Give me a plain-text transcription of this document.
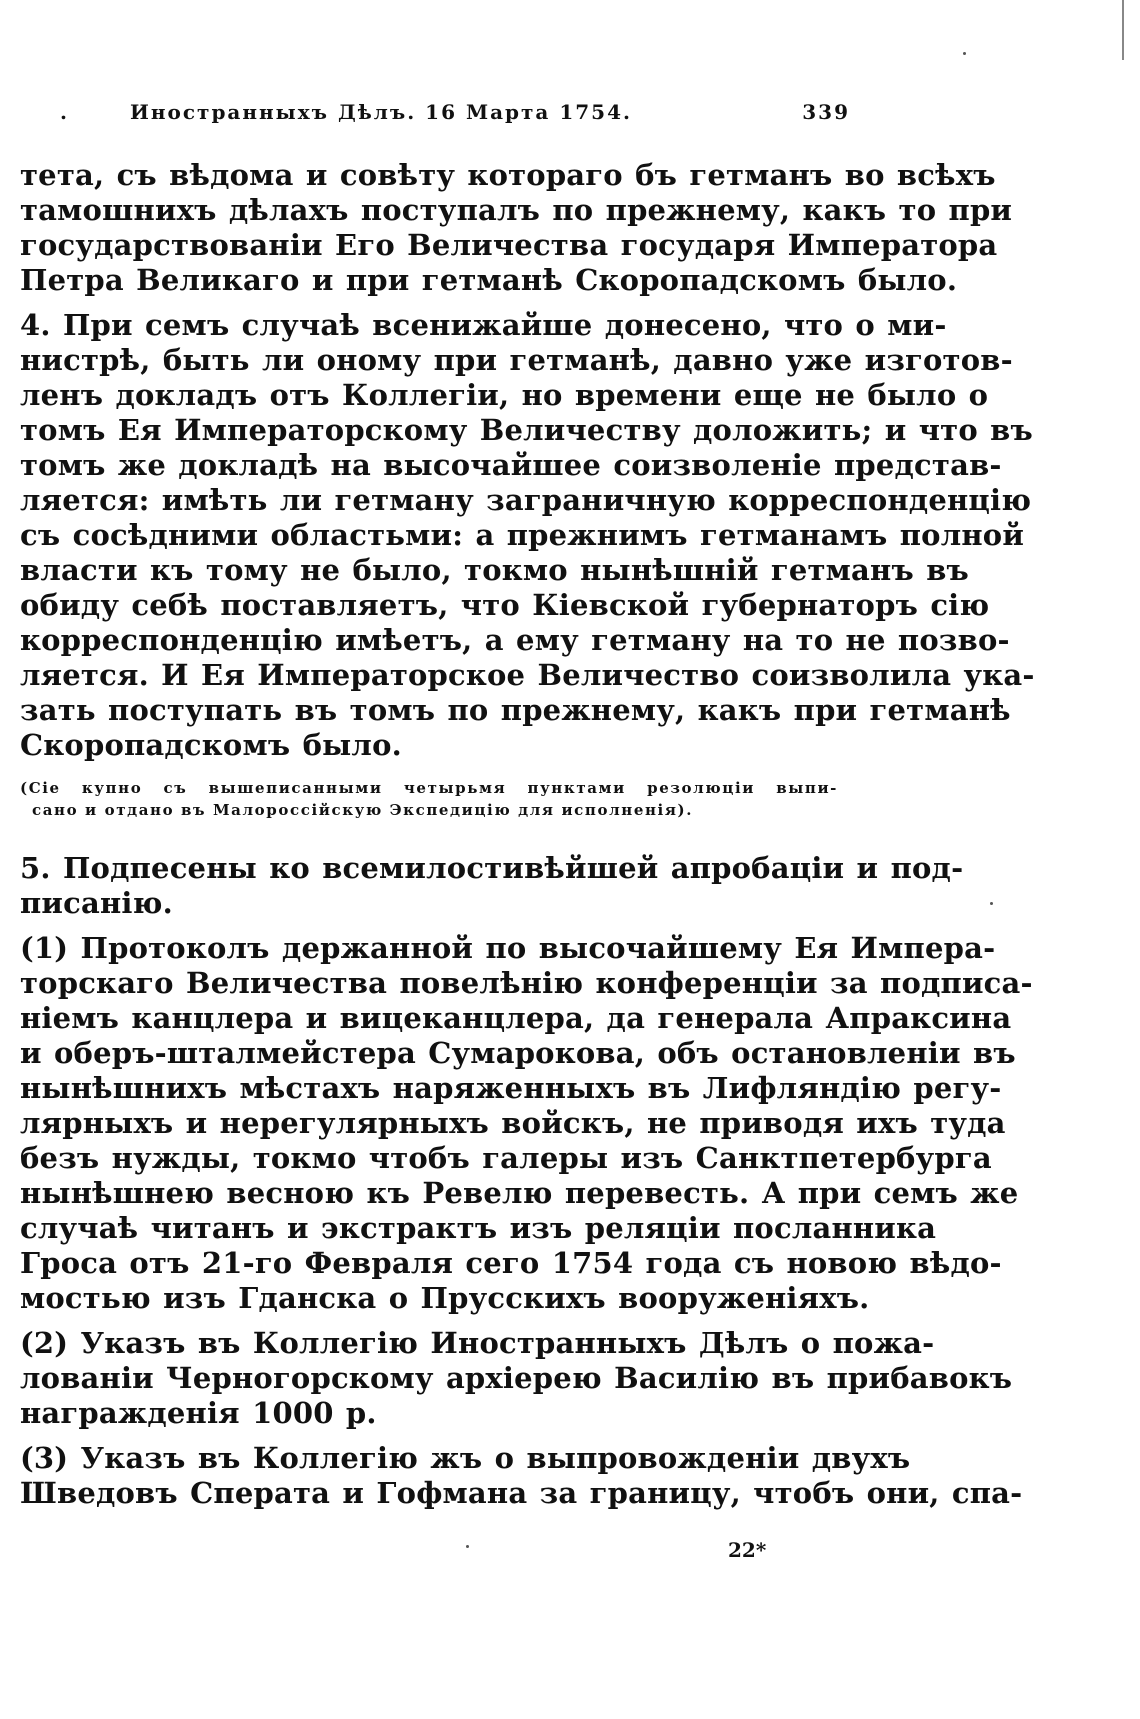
.	Иностранныхъ Дѣлъ. 16 Марта 1754.	339

тета, съ вѣдома и совѣту котораго бъ гетманъ во всѣхъ
тамошнихъ дѣлахъ поступалъ по прежнему, какъ то при
государствованіи Его Величества государя Императора
Петра Великаго и при гетманѣ Скоропадскомъ было.

4. При семъ случаѣ всенижайше донесено, что о ми-
нистрѣ, быть ли оному при гетманѣ, давно уже изготов-
ленъ докладъ отъ Коллегіи, но времени еще не было о
томъ Ея Императорскому Величеству доложить; и что въ
томъ же докладѣ на высочайшее соизволеніе представ-
ляется: имѣть ли гетману заграничную корреспонденцію
съ сосѣдними областьми: а прежнимъ гетманамъ полной
власти къ тому не было, токмо нынѣшній гетманъ въ
обиду себѣ поставляетъ, что Кіевской губернаторъ сію
корреспонденцію имѣетъ, а ему гетману на то не позво-
ляется. И Ея Императорское Величество соизволила ука-
зать поступать въ томъ по прежнему, какъ при гетманѣ
Скоропадскомъ было.

(Сіе купно съ вышеписанными четырьмя пунктами резолюціи выпи-
сано и отдано въ Малороссійскую Экспедицію для исполненія).

5. Подпесены ко всемилостивѣйшей апробаціи и под-
писанію.

(1) Протоколъ держанной по высочайшему Ея Импера-
торскаго Величества повелѣнію конференціи за подписа-
ніемъ канцлера и вицеканцлера, да генерала Апраксина
и оберъ-шталмейстера Сумарокова, объ остановленіи въ
нынѣшнихъ мѣстахъ наряженныхъ въ Лифляндію регу-
лярныхъ и нерегулярныхъ войскъ, не приводя ихъ туда
безъ нужды, токмо чтобъ галеры изъ Санктпетербурга
нынѣшнею весною къ Ревелю перевесть. А при семъ же
случаѣ читанъ и экстрактъ изъ реляціи посланника
Гроса отъ 21-го Февраля сего 1754 года съ новою вѣдо-
мостью изъ Гданска о Прусскихъ вооруженіяхъ.

(2) Указъ въ Коллегію Иностранныхъ Дѣлъ о пожа-
лованіи Черногорскому архіерею Василію въ прибавокъ
награжденія 1000 р.

(3) Указъ въ Коллегію жъ о выпровожденіи двухъ
Шведовъ Сперата и Гофмана за границу, чтобъ они, спа-

22*
